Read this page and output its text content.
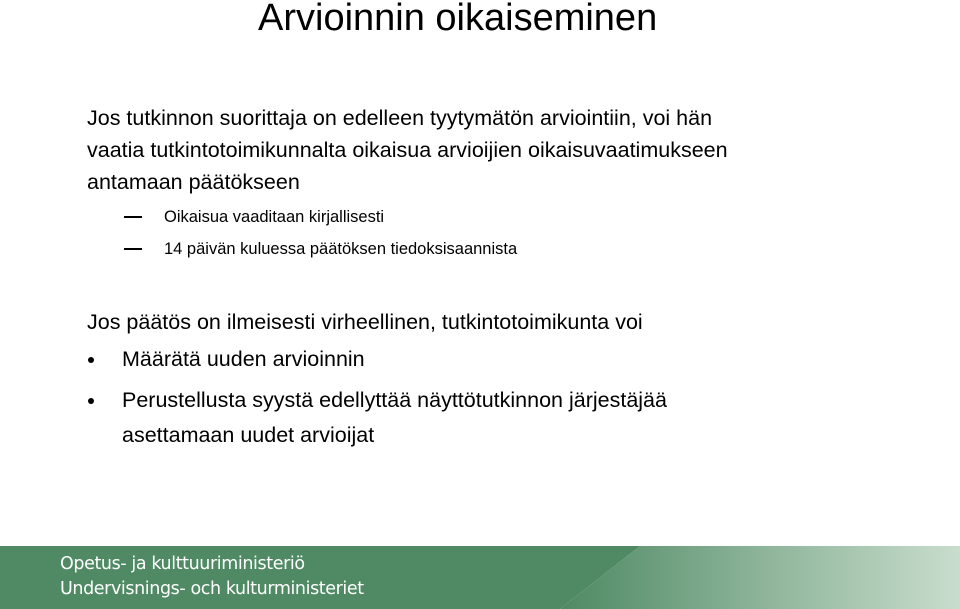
Arvioinnin oikaiseminen

Jos tutkinnon suorittaja on edelleen tyytymätön arviointiin, voi hän
vaatia tutkintotoimikunnalta oikaisua arvioijien oikaisuvaatimukseen
antamaan päätökseen

Oikaisua vaaditaan kirjallisesti
14 päivän kuluessa päätöksen tiedoksisaannista

Jos päätös on ilmeisesti virheellinen, tutkintotoimikunta voi

Määrätä uuden arvioinnin
Perustellusta syystä edellyttää näyttötutkinnon järjestäjää
asettamaan uudet arvioijat
Opetus- ja kulttuuriministeriö
Undervisnings- och kulturministeriet
